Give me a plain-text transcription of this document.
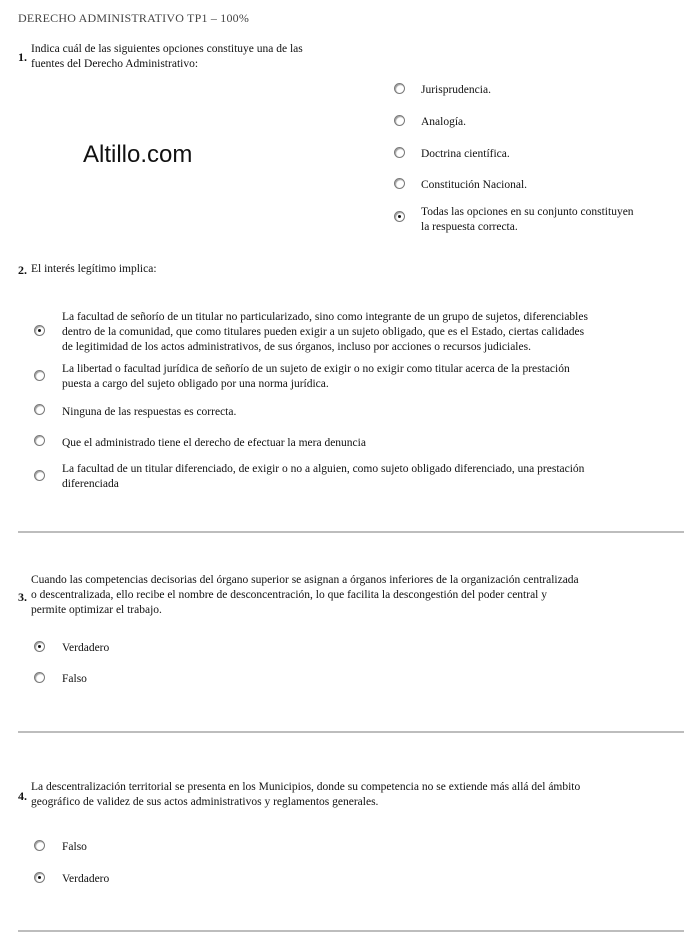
DERECHO ADMINISTRATIVO TP1 – 100%
Altillo.com
1.
Indica cuál de las siguientes opciones constituye una de las
fuentes del Derecho Administrativo:
Jurisprudencia.
Analogía.
Doctrina científica.
Constitución Nacional.
Todas las opciones en su conjunto constituyen
la respuesta correcta.
2. El interés legítimo implica:
La facultad de señorío de un titular no particularizado, sino como integrante de un grupo de sujetos, diferenciables
dentro de la comunidad, que como titulares pueden exigir a un sujeto obligado, que es el Estado, ciertas calidades
de legitimidad de los actos administrativos, de sus órganos, incluso por acciones o recursos judiciales.
La libertad o facultad jurídica de señorío de un sujeto de exigir o no exigir como titular acerca de la prestación
puesta a cargo del sujeto obligado por una norma jurídica.
Ninguna de las respuestas es correcta.
Que el administrado tiene el derecho de efectuar la mera denuncia
La facultad de un titular diferenciado, de exigir o no a alguien, como sujeto obligado diferenciado, una prestación
diferenciada
3.
Cuando las competencias decisorias del órgano superior se asignan a órganos inferiores de la organización centralizada
o descentralizada, ello recibe el nombre de desconcentración, lo que facilita la descongestión del poder central y
permite optimizar el trabajo.
Verdadero
Falso
4.
La descentralización territorial se presenta en los Municipios, donde su competencia no se extiende más allá del ámbito
geográfico de validez de sus actos administrativos y reglamentos generales.
Falso
Verdadero
